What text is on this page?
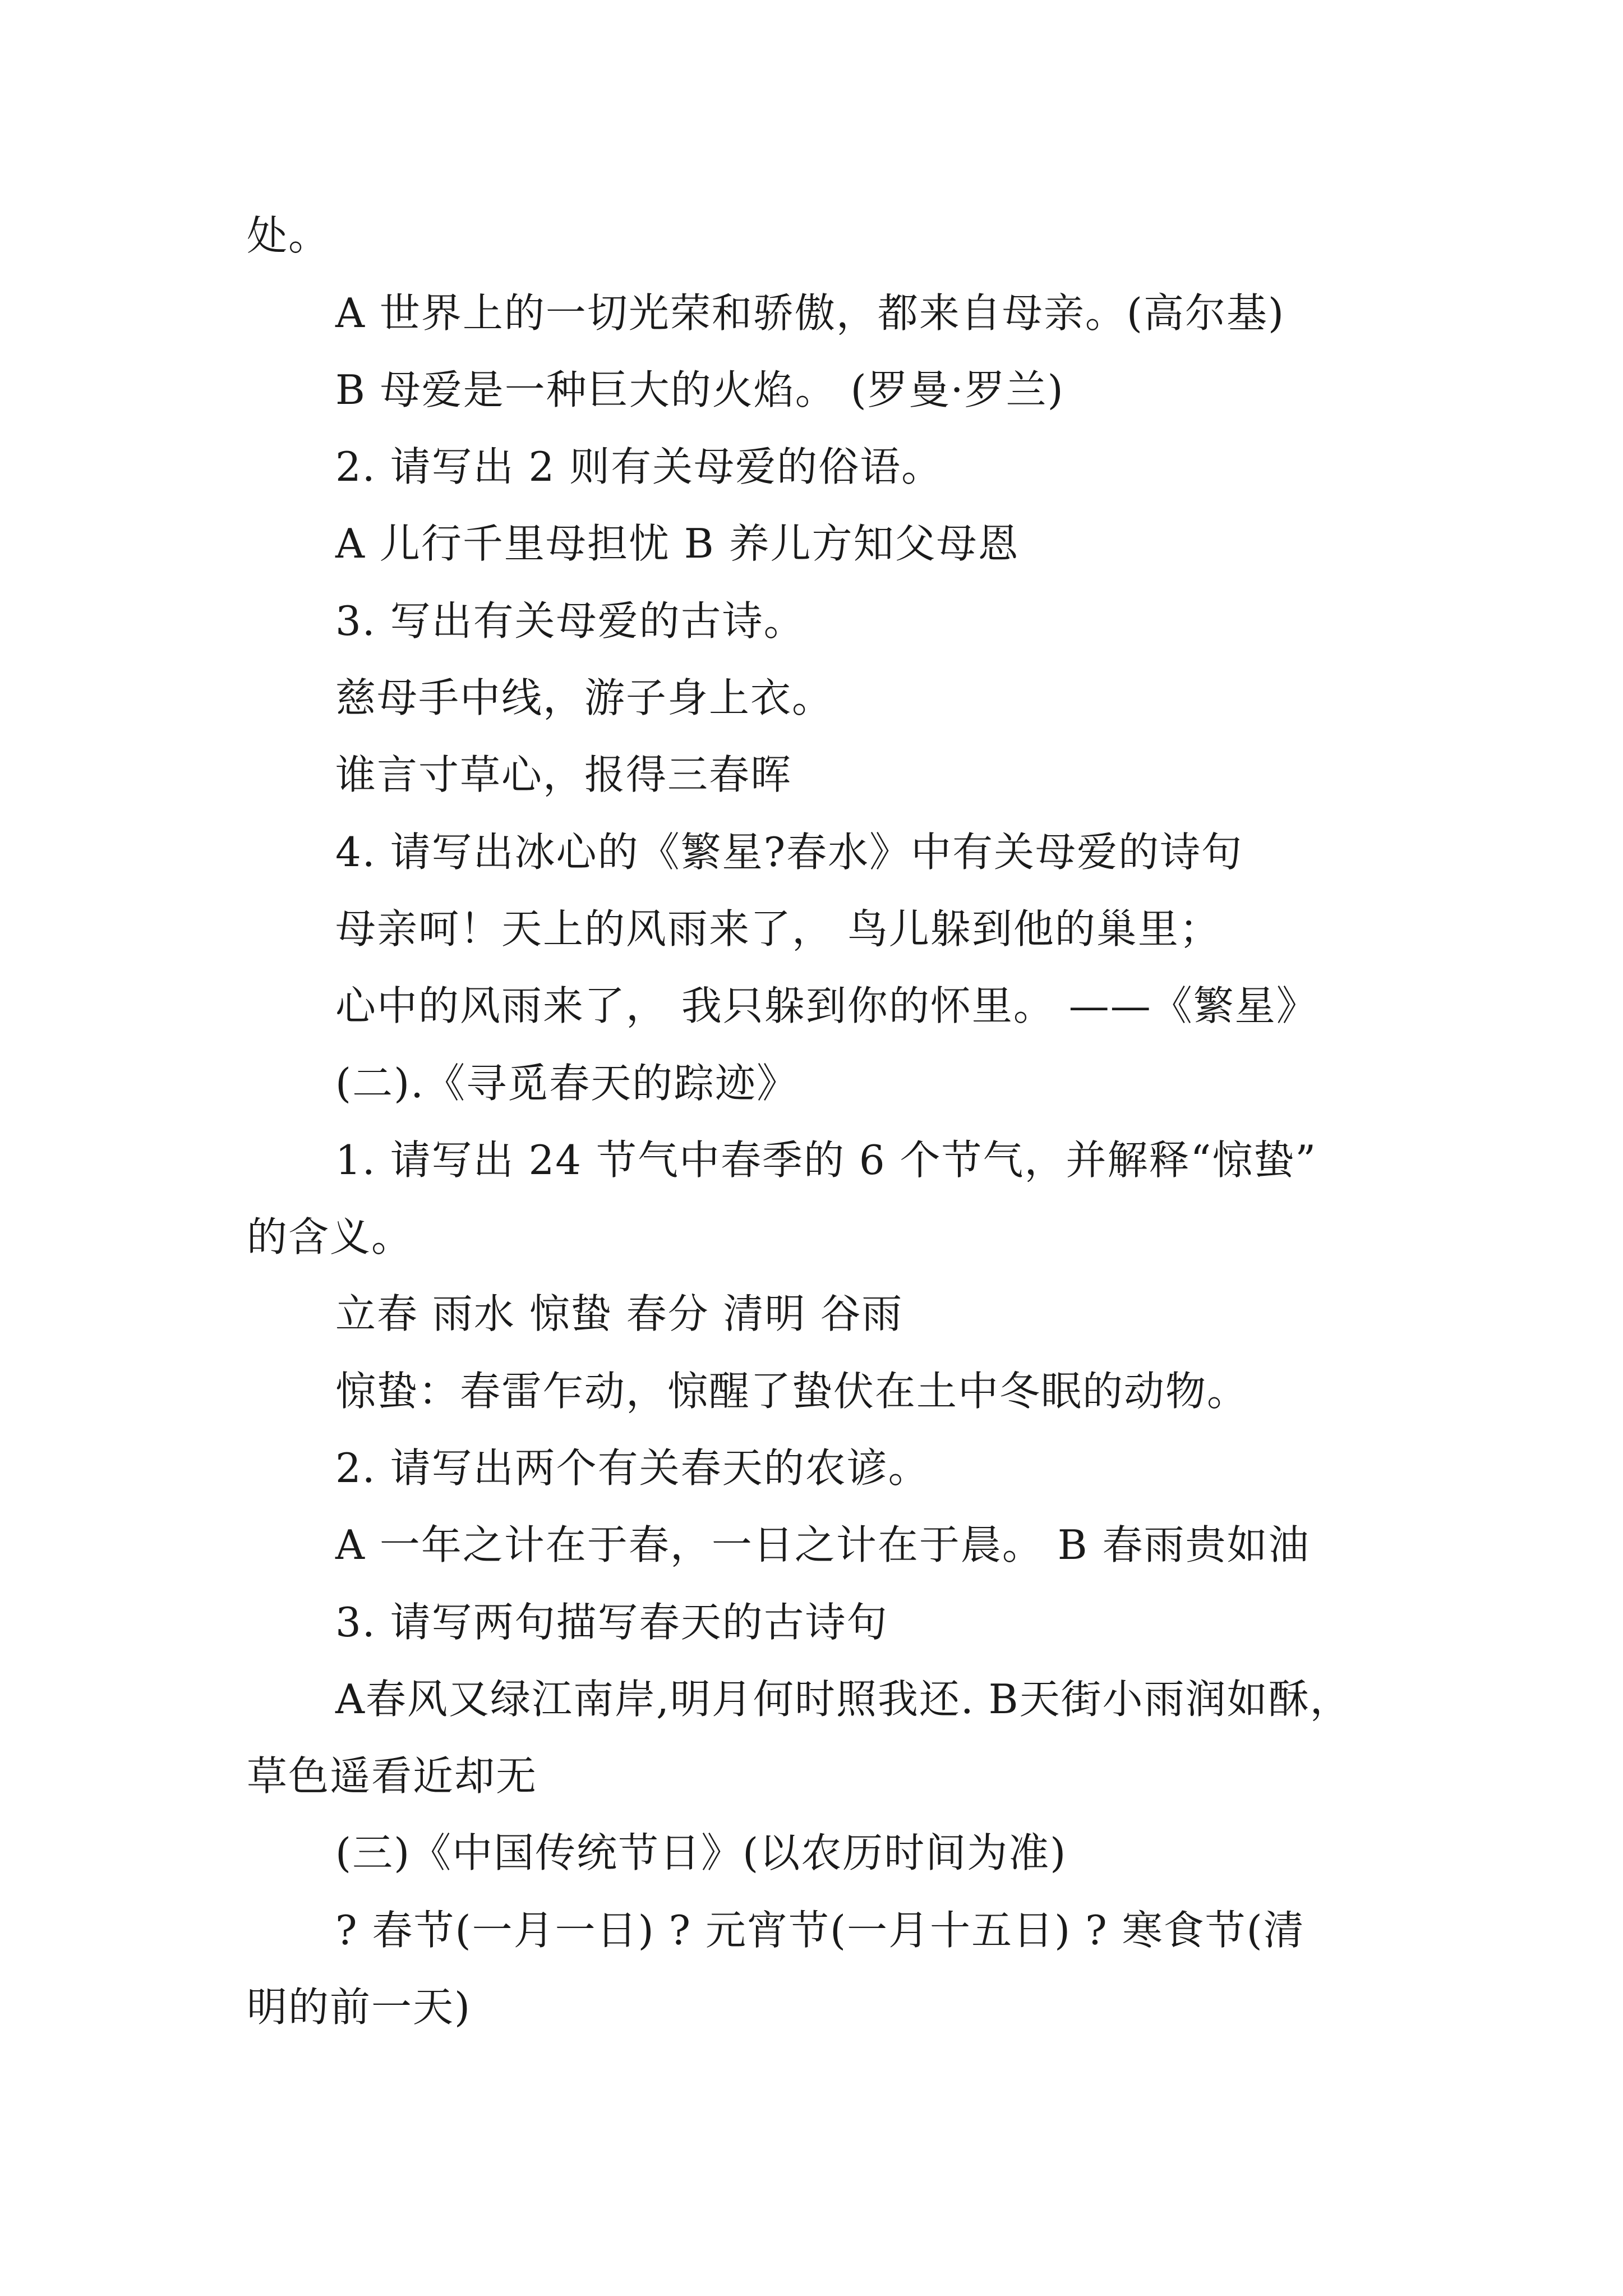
处。
A 世界上的一切光荣和骄傲，都来自母亲。(高尔基)
B 母爱是一种巨大的火焰。 (罗曼·罗兰)
2. 请写出 2 则有关母爱的俗语。
A 儿行千里母担忧 B 养儿方知父母恩
3. 写出有关母爱的古诗。
慈母手中线，游子身上衣。
谁言寸草心，报得三春晖
4. 请写出冰心的《繁星?春水》中有关母爱的诗句
母亲呵！天上的风雨来了， 鸟儿躲到他的巢里；
心中的风雨来了， 我只躲到你的怀里。 ——《繁星》
(二).《寻觅春天的踪迹》
1. 请写出 24 节气中春季的 6 个节气，并解释“惊蛰”
的含义。
立春 雨水 惊蛰 春分 清明 谷雨
惊蛰：春雷乍动，惊醒了蛰伏在土中冬眠的动物。
2. 请写出两个有关春天的农谚。
A 一年之计在于春，一日之计在于晨。 B 春雨贵如油
3. 请写两句描写春天的古诗句
A春风又绿江南岸,明月何时照我还. B天街小雨润如酥，
草色遥看近却无
(三)《中国传统节日》(以农历时间为准)
? 春节(一月一日) ? 元宵节(一月十五日) ? 寒食节(清
明的前一天)
